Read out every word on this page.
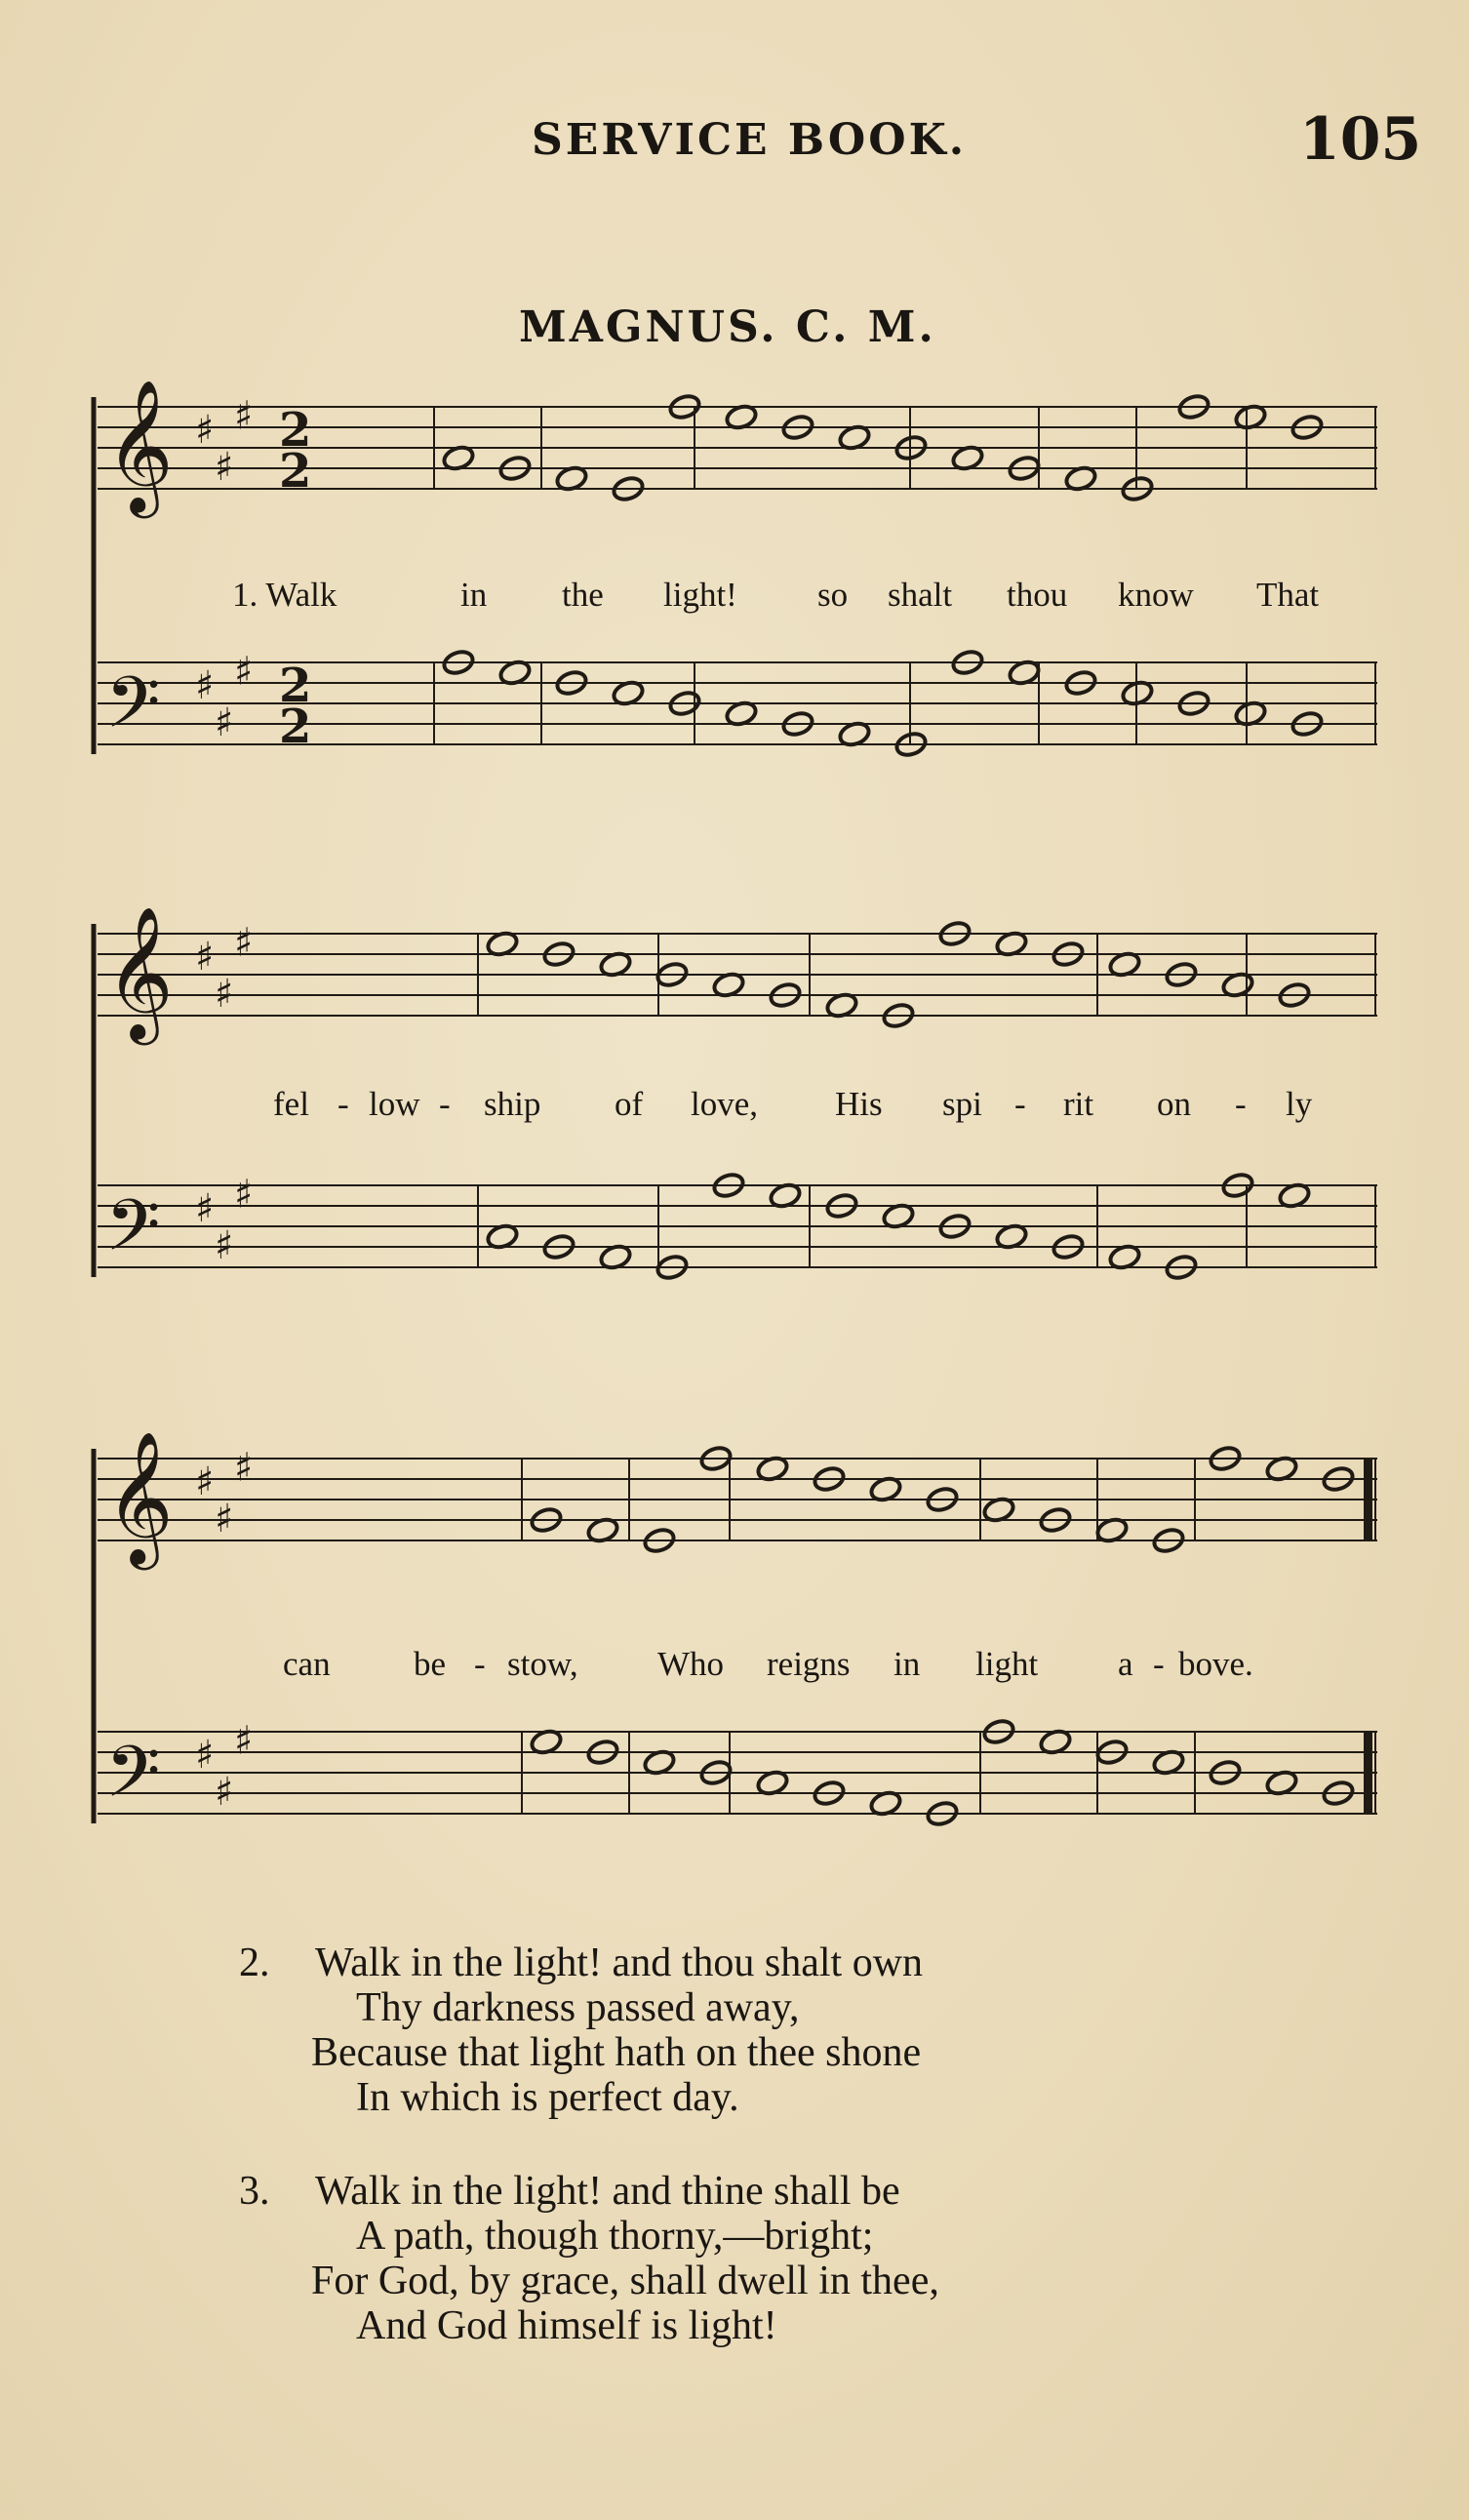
SERVICE BOOK.	105
MAGNUS. C. M.
𝄞 ♯
♯
♯ 2
2
𝄢 ♯
♯
♯ 2
2
𝄞 ♯
♯
♯
𝄢 ♯
♯
♯
𝄞 ♯
♯
♯
𝄢 ♯
♯
♯
1. Walk	in the light! so shalt thou know That
fel - low - ship of love, His spi - rit on - ly
can be - stow, Who reigns in light a - bove.
2. Walk in the light! and thou shalt own
Thy darkness passed away,
Because that light hath on thee shone
In which is perfect day.
3. Walk in the light! and thine shall be
A path, though thorny,—bright;
For God, by grace, shall dwell in thee,
And God himself is light!
